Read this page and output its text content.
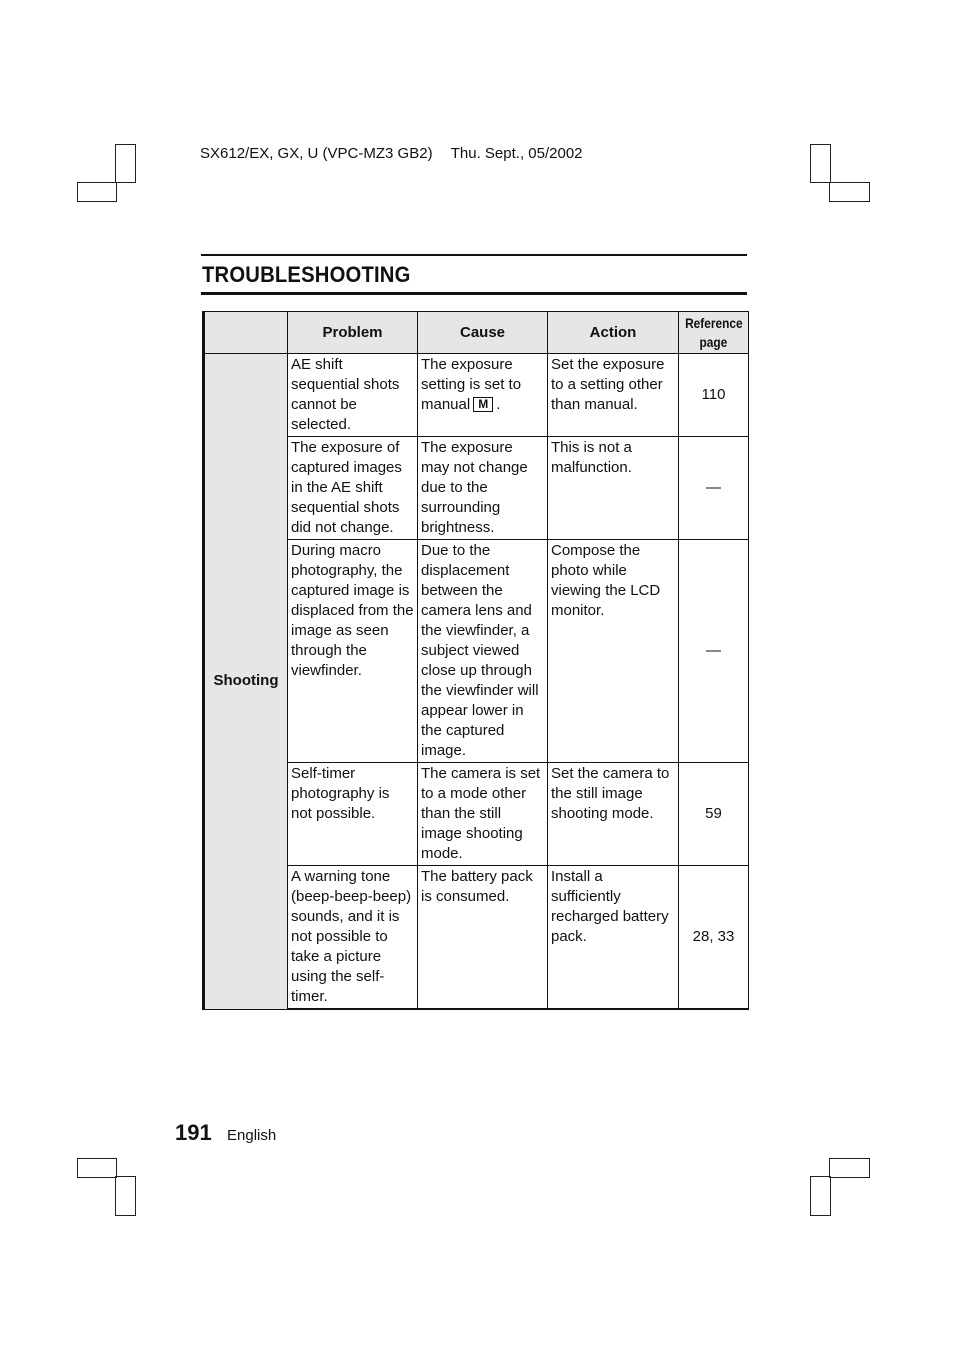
SX612/EX, GX, U (VPC-MZ3 GB2) Thu. Sept., 05/2002
TROUBLESHOOTING
	Problem	Cause	Action	Reference
page
Shooting	AE shift sequential shots cannot be selected.	The exposure setting is set to manual M .	Set the exposure to a setting other than manual.	110
	The exposure of captured images in the AE shift sequential shots did not change.	The exposure may not change due to the surrounding brightness.	This is not a malfunction.	—
	During macro photography, the captured image is displaced from the image as seen through the viewfinder.	Due to the displacement between the camera lens and the viewfinder, a subject viewed close up through the viewfinder will appear lower in the captured image.	Compose the photo while viewing the LCD monitor.	—
	Self-timer photography is not possible.	The camera is set to a mode other than the still image shooting mode.	Set the camera to the still image shooting mode.	59
	A warning tone (beep-beep-beep) sounds, and it is not possible to take a picture using the self-timer.	The battery pack is consumed.	Install a sufficiently recharged battery pack.	28, 33
191 English
